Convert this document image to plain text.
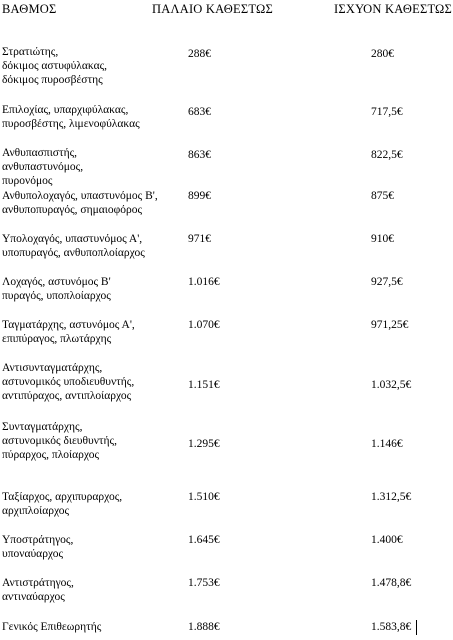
ΒΑΘΜΟΣ	ΠΑΛΑΙΟ ΚΑΘΕΣΤΩΣ	ΙΣΧΥΟΝ ΚΑΘΕΣΤΩΣ
Στρατιώτης,
δόκιμος αστυφύλακας,
δόκιμος πυροσβέστης
288€	280€
Επιλοχίας, υπαρχιφύλακας,
πυροσβέστης, λιμενοφύλακας
683€	717,5€
Ανθυπασπιστής,
ανθυπαστυνόμος,
πυρονόμος
863€	822,5€
Ανθυπολοχαγός, υπαστυνόμος Β',
ανθυποπυραγός, σημαιοφόρος
899€	875€
Υπολοχαγός, υπαστυνόμος Α',
υποπυραγός, ανθυποπλοίαρχος
971€	910€
Λοχαγός, αστυνόμος Β'
πυραγός, υποπλοίαρχος
1.016€	927,5€
Ταγματάρχης, αστυνόμος Α',
επιπύραγος, πλωτάρχης
1.070€	971,25€
Αντισυνταγματάρχης,
αστυνομικός υποδιευθυντής,
αντιπύραχος, αντιπλοίαρχος
1.151€	1.032,5€
Συνταγματάρχης,
αστυνομικός διευθυντής,
πύραρχος, πλοίαρχος
1.295€	1.146€
Ταξίαρχος, αρχιπυραρχος,
αρχιπλοίαρχος
1.510€	1.312,5€
Υποστράτηγος,
υποναύαρχος
1.645€	1.400€
Αντιστράτηγος,
αντιναύαρχος
1.753€	1.478,8€
Γενικός Επιθεωρητής	1.888€	1.583,8€
